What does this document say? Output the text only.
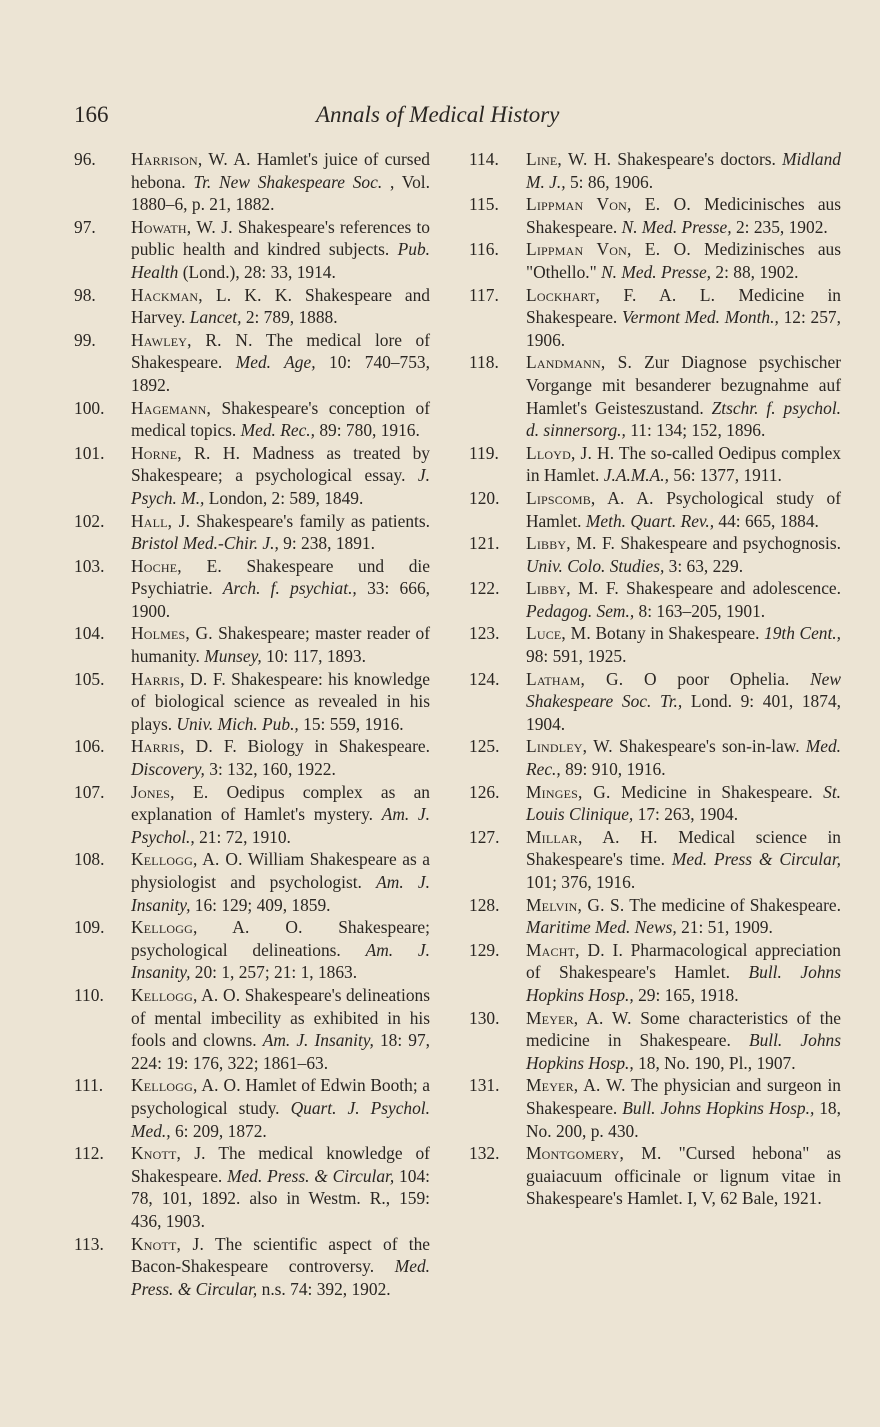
166	Annals of Medical History
96. Harrison, W. A. Hamlet's juice of cursed hebona. Tr. New Shakespeare Soc. , Vol. 1880–6, p. 21, 1882.
97. Howath, W. J. Shakespeare's references to public health and kindred subjects. Pub. Health (Lond.), 28: 33, 1914.
98. Hackman, L. K. K. Shakespeare and Harvey. Lancet, 2: 789, 1888.
99. Hawley, R. N. The medical lore of Shakespeare. Med. Age, 10: 740–753, 1892.
100. Hagemann, Shakespeare's conception of medical topics. Med. Rec., 89: 780, 1916.
101. Horne, R. H. Madness as treated by Shakespeare; a psychological essay. J. Psych. M., London, 2: 589, 1849.
102. Hall, J. Shakespeare's family as patients. Bristol Med.-Chir. J., 9: 238, 1891.
103. Hoche, E. Shakespeare und die Psychiatrie. Arch. f. psychiat., 33: 666, 1900.
104. Holmes, G. Shakespeare; master reader of humanity. Munsey, 10: 117, 1893.
105. Harris, D. F. Shakespeare: his knowledge of biological science as revealed in his plays. Univ. Mich. Pub., 15: 559, 1916.
106. Harris, D. F. Biology in Shakespeare. Discovery, 3: 132, 160, 1922.
107. Jones, E. Oedipus complex as an explanation of Hamlet's mystery. Am. J. Psychol., 21: 72, 1910.
108. Kellogg, A. O. William Shakespeare as a physiologist and psychologist. Am. J. Insanity, 16: 129; 409, 1859.
109. Kellogg, A. O. Shakespeare; psychological delineations. Am. J. Insanity, 20: 1, 257; 21: 1, 1863.
110. Kellogg, A. O. Shakespeare's delineations of mental imbecility as exhibited in his fools and clowns. Am. J. Insanity, 18: 97, 224: 19: 176, 322; 1861–63.
111. Kellogg, A. O. Hamlet of Edwin Booth; a psychological study. Quart. J. Psychol. Med., 6: 209, 1872.
112. Knott, J. The medical knowledge of Shakespeare. Med. Press. & Circular, 104: 78, 101, 1892. also in Westm. R., 159: 436, 1903.
113. Knott, J. The scientific aspect of the Bacon-Shakespeare controversy. Med. Press. & Circular, n.s. 74: 392, 1902.
114. Line, W. H. Shakespeare's doctors. Midland M. J., 5: 86, 1906.
115. Lippman Von, E. O. Medicinisches aus Shakespeare. N. Med. Presse, 2: 235, 1902.
116. Lippman Von, E. O. Medizinisches aus "Othello." N. Med. Presse, 2: 88, 1902.
117. Lockhart, F. A. L. Medicine in Shakespeare. Vermont Med. Month., 12: 257, 1906.
118. Landmann, S. Zur Diagnose psychischer Vorgange mit besanderer bezugnahme auf Hamlet's Geisteszustand. Ztschr. f. psychol. d. sinnersorg., 11: 134; 152, 1896.
119. Lloyd, J. H. The so-called Oedipus complex in Hamlet. J.A.M.A., 56: 1377, 1911.
120. Lipscomb, A. A. Psychological study of Hamlet. Meth. Quart. Rev., 44: 665, 1884.
121. Libby, M. F. Shakespeare and psychognosis. Univ. Colo. Studies, 3: 63, 229.
122. Libby, M. F. Shakespeare and adolescence. Pedagog. Sem., 8: 163–205, 1901.
123. Luce, M. Botany in Shakespeare. 19th Cent., 98: 591, 1925.
124. Latham, G. O poor Ophelia. New Shakespeare Soc. Tr., Lond. 9: 401, 1874, 1904.
125. Lindley, W. Shakespeare's son-in-law. Med. Rec., 89: 910, 1916.
126. Minges, G. Medicine in Shakespeare. St. Louis Clinique, 17: 263, 1904.
127. Millar, A. H. Medical science in Shakespeare's time. Med. Press & Circular, 101; 376, 1916.
128. Melvin, G. S. The medicine of Shakespeare. Maritime Med. News, 21: 51, 1909.
129. Macht, D. I. Pharmacological appreciation of Shakespeare's Hamlet. Bull. Johns Hopkins Hosp., 29: 165, 1918.
130. Meyer, A. W. Some characteristics of the medicine in Shakespeare. Bull. Johns Hopkins Hosp., 18, No. 190, Pl., 1907.
131. Meyer, A. W. The physician and surgeon in Shakespeare. Bull. Johns Hopkins Hosp., 18, No. 200, p. 430.
132. Montgomery, M. "Cursed hebona" as guaiacuum officinale or lignum vitae in Shakespeare's Hamlet. I, V, 62 Bale, 1921.
